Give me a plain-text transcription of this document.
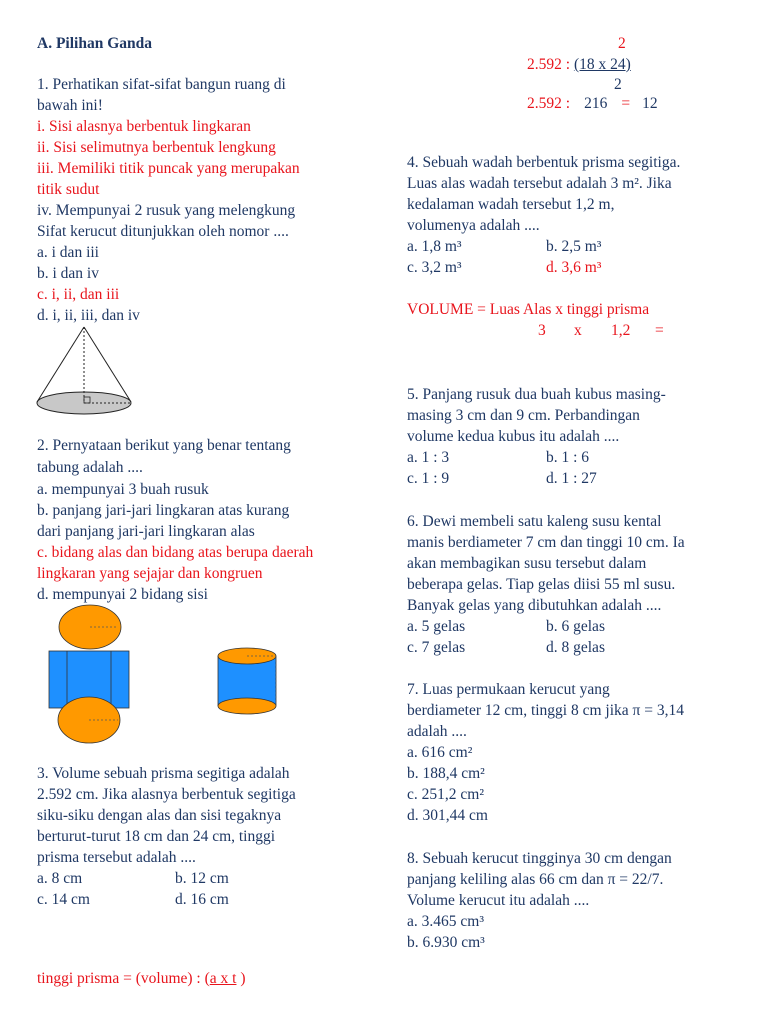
A. Pilihan Ganda
1. Perhatikan sifat-sifat bangun ruang di
bawah ini!
i. Sisi alasnya berbentuk lingkaran
ii. Sisi selimutnya berbentuk lengkung
iii. Memiliki titik puncak yang merupakan
titik sudut
iv. Mempunyai 2 rusuk yang melengkung
Sifat kerucut ditunjukkan oleh nomor ....
a. i dan iii
b. i dan iv
c. i, ii, dan iii
d. i, ii, iii, dan iv
2. Pernyataan berikut yang benar tentang
tabung adalah ....
a. mempunyai 3 buah rusuk
b. panjang jari-jari lingkaran atas kurang
dari panjang jari-jari lingkaran alas
c. bidang alas dan bidang atas berupa daerah
lingkaran yang sejajar dan kongruen
d. mempunyai 2 bidang sisi
3. Volume sebuah prisma segitiga adalah
2.592 cm. Jika alasnya berbentuk segitiga
siku-siku dengan alas dan sisi tegaknya
berturut-turut 18 cm dan 24 cm, tinggi
prisma tersebut adalah ....
a. 8 cm	b. 12 cm
c. 14 cm	d. 16 cm
tinggi prisma = (volume) : (a x t )
2
2.592 : (18 x 24)
2
2.592 : 216 = 12
4. Sebuah wadah berbentuk prisma segitiga.
Luas alas wadah tersebut adalah 3 m². Jika
kedalaman wadah tersebut 1,2 m,
volumenya adalah ....
a. 1,8 m³	b. 2,5 m³
c. 3,2 m³	d. 3,6 m³
VOLUME = Luas Alas x tinggi prisma
3 x 1,2 =
5. Panjang rusuk dua buah kubus masing-
masing 3 cm dan 9 cm. Perbandingan
volume kedua kubus itu adalah ....
a. 1 : 3	b. 1 : 6
c. 1 : 9	d. 1 : 27
6. Dewi membeli satu kaleng susu kental
manis berdiameter 7 cm dan tinggi 10 cm. Ia
akan membagikan susu tersebut dalam
beberapa gelas. Tiap gelas diisi 55 ml susu.
Banyak gelas yang dibutuhkan adalah ....
a. 5 gelas	b. 6 gelas
c. 7 gelas	d. 8 gelas
7. Luas permukaan kerucut yang
berdiameter 12 cm, tinggi 8 cm jika π = 3,14
adalah ....
a. 616 cm²
b. 188,4 cm²
c. 251,2 cm²
d. 301,44 cm
8. Sebuah kerucut tingginya 30 cm dengan
panjang keliling alas 66 cm dan π = 22/7.
Volume kerucut itu adalah ....
a. 3.465 cm³
b. 6.930 cm³
